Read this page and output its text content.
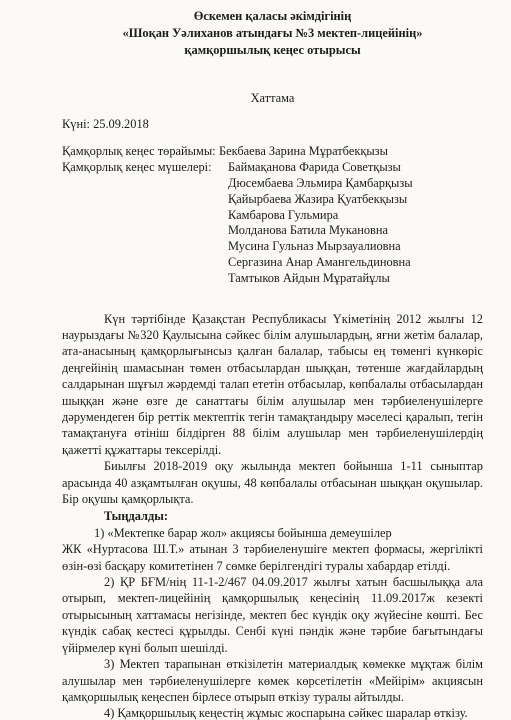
Өскемен қаласы әкімдігінің
«Шоқан Уәлиханов атындағы №3 мектеп-лицейінің»
қамқоршылық кеңес отырысы
Хаттама
Күні: 25.09.2018
Қамқорлық кеңес төрайымы: Бекбаева Зарина Мұратбекқызы
Қамқорлық кеңес мүшелері:	Баймақанова Фарида Советқызы
Дюсембаева Эльмира Қамбарқызы
Қайырбаева Жазира Қуатбекқызы
Камбарова Гульмира
Молданова Батила Мукановна
Мусина Гульназ Мырзауалиовна
Сергазина Анар Амангельдиновна
Тамтыков Айдын Мұратайұлы

Күн тәртібінде Қазақстан Республикасы Үкіметінің 2012 жылғы 12 наурыздағы №320 Қаулысына сәйкес білім алушылардың, яғни жетім балалар, ата-анасының қамқорлығынсыз қалған балалар, табысы ең төменгі күнкөріс деңгейінің шамасынан төмен отбасылардан шыққан, төтенше жағдайлардың салдарынан шұғыл жәрдемді талап ететін отбасылар, көпбалалы отбасылардан шыққан және өзге де санаттағы білім алушылар мен тәрбиеленушілерге дәрумендеген бір реттік мектептік тегін тамақтандыру мәселесі қаралып, тегін тамақтануға өтініш білдірген 88 білім алушылар мен тәрбиеленушілердің қажетті құжаттары тексерілді.

Биылғы 2018-2019 оқу жылында мектеп бойынша 1-11 сыныптар арасында 40 азқамтылған оқушы, 48 көпбалалы отбасынан шыққан оқушылар. Бір оқушы қамқорлықта.

Тыңдалды:

1) «Мектепке барар жол» акциясы бойынша демеушілер

ЖК «Нуртасова Ш.Т.» атынан 3 тәрбиеленушіге мектеп формасы, жергілікті өзін-өзі басқару комитетінен 7 сөмке берілгендігі туралы хабардар етілді.

2) ҚР БҒМ/нің 11-1-2/467 04.09.2017 жылғы хатын басшылыққа ала отырып, мектеп-лицейінің қамқоршылық кеңесінің 11.09.2017ж кезекті отырысының хаттамасы негізінде, мектеп бес күндік оқу жүйесіне көшті. Бес күндік сабақ кестесі құрылды. Сенбі күні пәндік және тәрбие бағытындағы үйірмелер күні болып шешілді.

3) Мектеп тарапынан өткізілетін материалдық көмекке мұқтаж білім алушылар мен тәрбиеленушілерге көмек көрсетілетін «Мейірім» акциясын қамқоршылық кеңеспен бірлесе отырып өткізу туралы айтылды.

4) Қамқоршылық кеңестің жұмыс жоспарына сәйкес шаралар өткізу.
